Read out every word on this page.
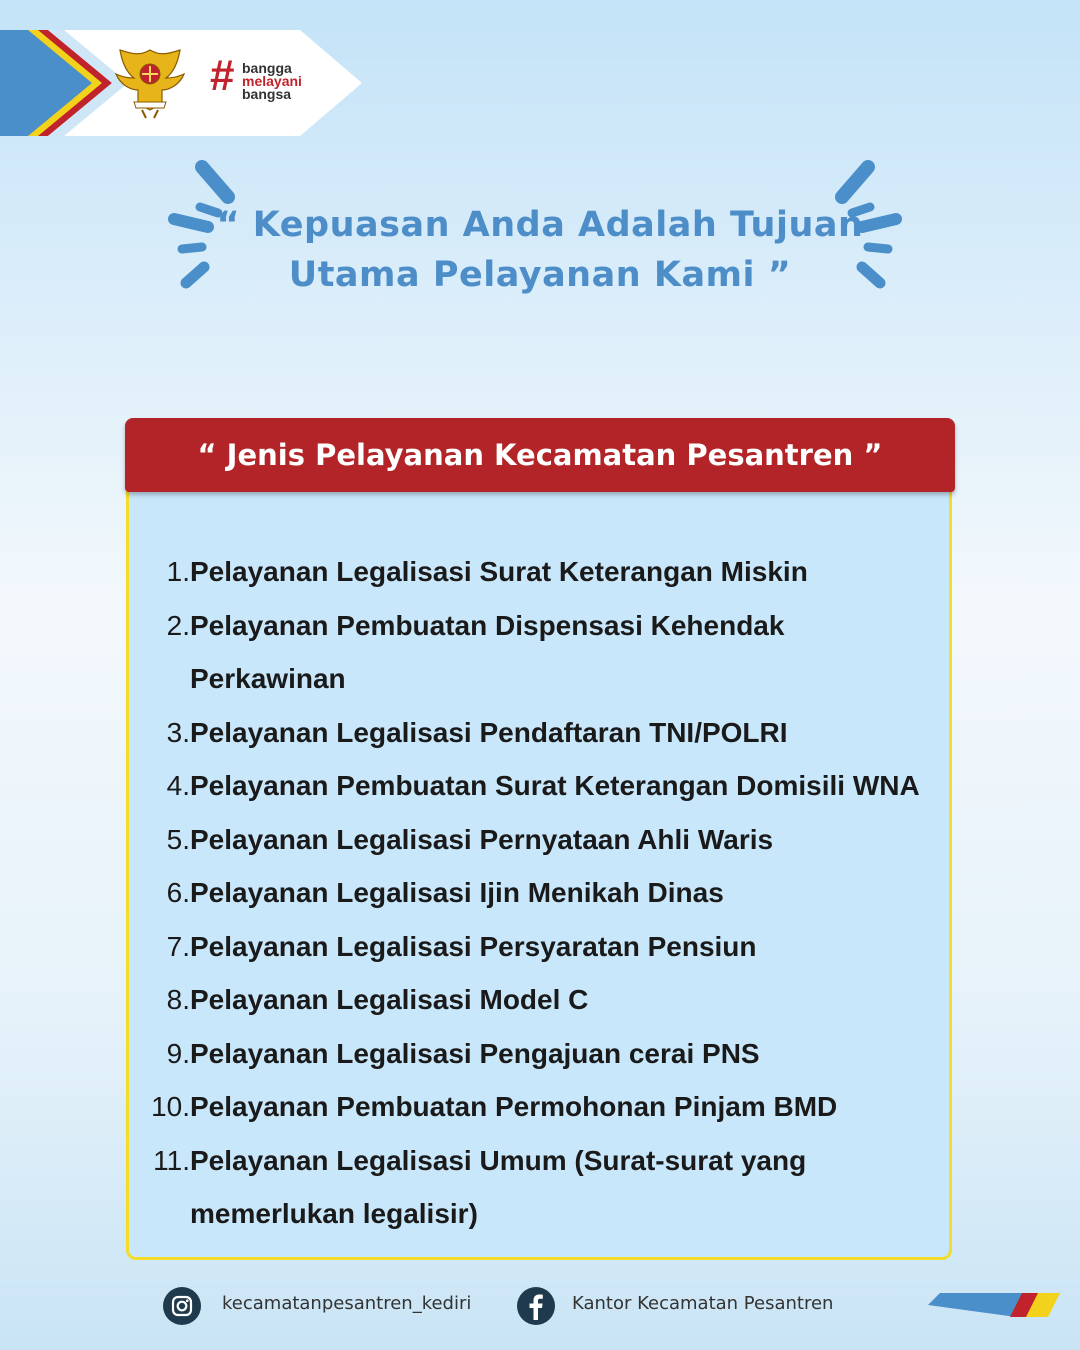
# bangga
melayani
bangsa
“ Kepuasan Anda Adalah Tujuan
Utama Pelayanan Kami ”
“ Jenis Pelayanan Kecamatan Pesantren ”
1. Pelayanan Legalisasi Surat Keterangan Miskin
2. Pelayanan Pembuatan Dispensasi Kehendak Perkawinan
3. Pelayanan Legalisasi Pendaftaran TNI/POLRI
4. Pelayanan Pembuatan Surat Keterangan Domisili WNA
5. Pelayanan Legalisasi Pernyataan Ahli Waris
6. Pelayanan Legalisasi Ijin Menikah Dinas
7. Pelayanan Legalisasi Persyaratan Pensiun
8. Pelayanan Legalisasi Model C
9. Pelayanan Legalisasi Pengajuan cerai PNS
10. Pelayanan Pembuatan Permohonan Pinjam BMD
11. Pelayanan Legalisasi Umum (Surat-surat yang memerlukan legalisir)
kecamatanpesantren_kediri	Kantor Kecamatan Pesantren
